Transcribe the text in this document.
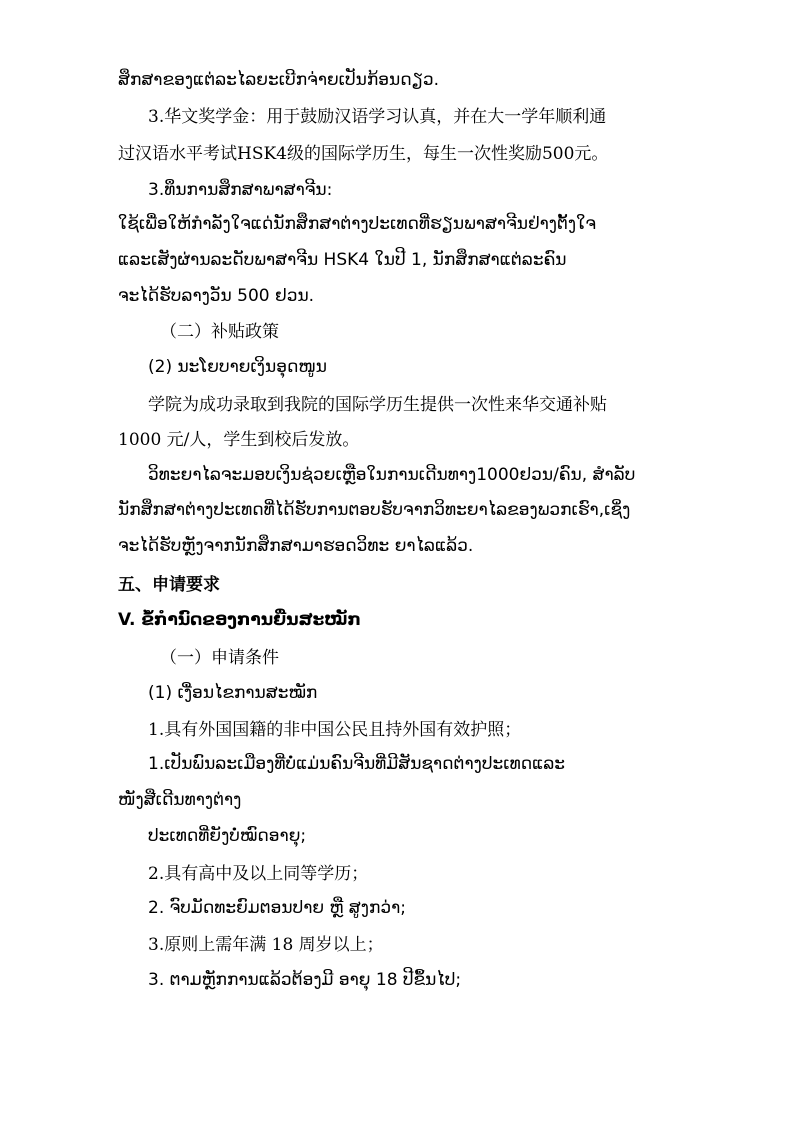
ສຶກສາຂອງແຕ່ລະໄລຍະເບີກຈ່າຍເປັນກ້ອນດຽວ.
3.华文奖学金：用于鼓励汉语学习认真，并在大一学年顺利通
过汉语水平考试HSK4级的国际学历生，每生一次性奖励500元。
3.ທຶນການສຶກສາພາສາຈີນ:
ໃຊ້ເພື່ອໃຫ້ກຳລັງໃຈແດ່ນັກສຶກສາຕ່າງປະເທດທີ່ຮຽນພາສາຈີນຢ່າງຕັ້ງໃຈ
ແລະເສັງຜ່ານລະດັບພາສາຈີນ HSK4 ໃນປີ 1, ນັກສຶກສາແຕ່ລະຄົນ
ຈະໄດ້ຮັບລາງວັນ 500 ຢວນ.
（二）补贴政策
(2) ນະໂຍບາຍເງິນອຸດໜູນ
学院为成功录取到我院的国际学历生提供一次性来华交通补贴
1000 元/人，学生到校后发放。
ວິທະຍາໄລຈະມອບເງິນຊ່ວຍເຫຼືອໃນການເດີນທາງ1000ຢວນ/ຄົນ, ສຳລັບ
ນັກສຶກສາຕ່າງປະເທດທີ່ໄດ້ຮັບການຕອບຮັບຈາກວິທະຍາໄລຂອງພວກເຮົາ,ເຊິ່ງ
ຈະໄດ້ຮັບຫຼັງຈາກນັກສຶກສາມາຮອດວິທະ ຍາໄລແລ້ວ.
五、申请要求
V. ຂໍ້ກຳນົດຂອງການຍື່ນສະໝັກ
（一）申请条件
(1) ເງື່ອນໄຂການສະໝັກ
1.具有外国国籍的非中国公民且持外国有效护照；
1.ເປັນພົນລະເມືອງທີ່ບໍ່ແມ່ນຄົນຈີນທີ່ມີສັນຊາດຕ່າງປະເທດແລະ
ໜັງສືເດີນທາງຕ່າງ
ປະເທດທີ່ຍັງບໍ່ໝົດອາຍຸ;
2.具有高中及以上同等学历；
2. ຈົບມັດທະຍົມຕອນປາຍ ຫຼື ສູງກວ່າ;
3.原则上需年满 18 周岁以上；
3. ຕາມຫຼັກການແລ້ວຕ້ອງມີ ອາຍຸ 18 ປີຂຶ້ນໄປ;
